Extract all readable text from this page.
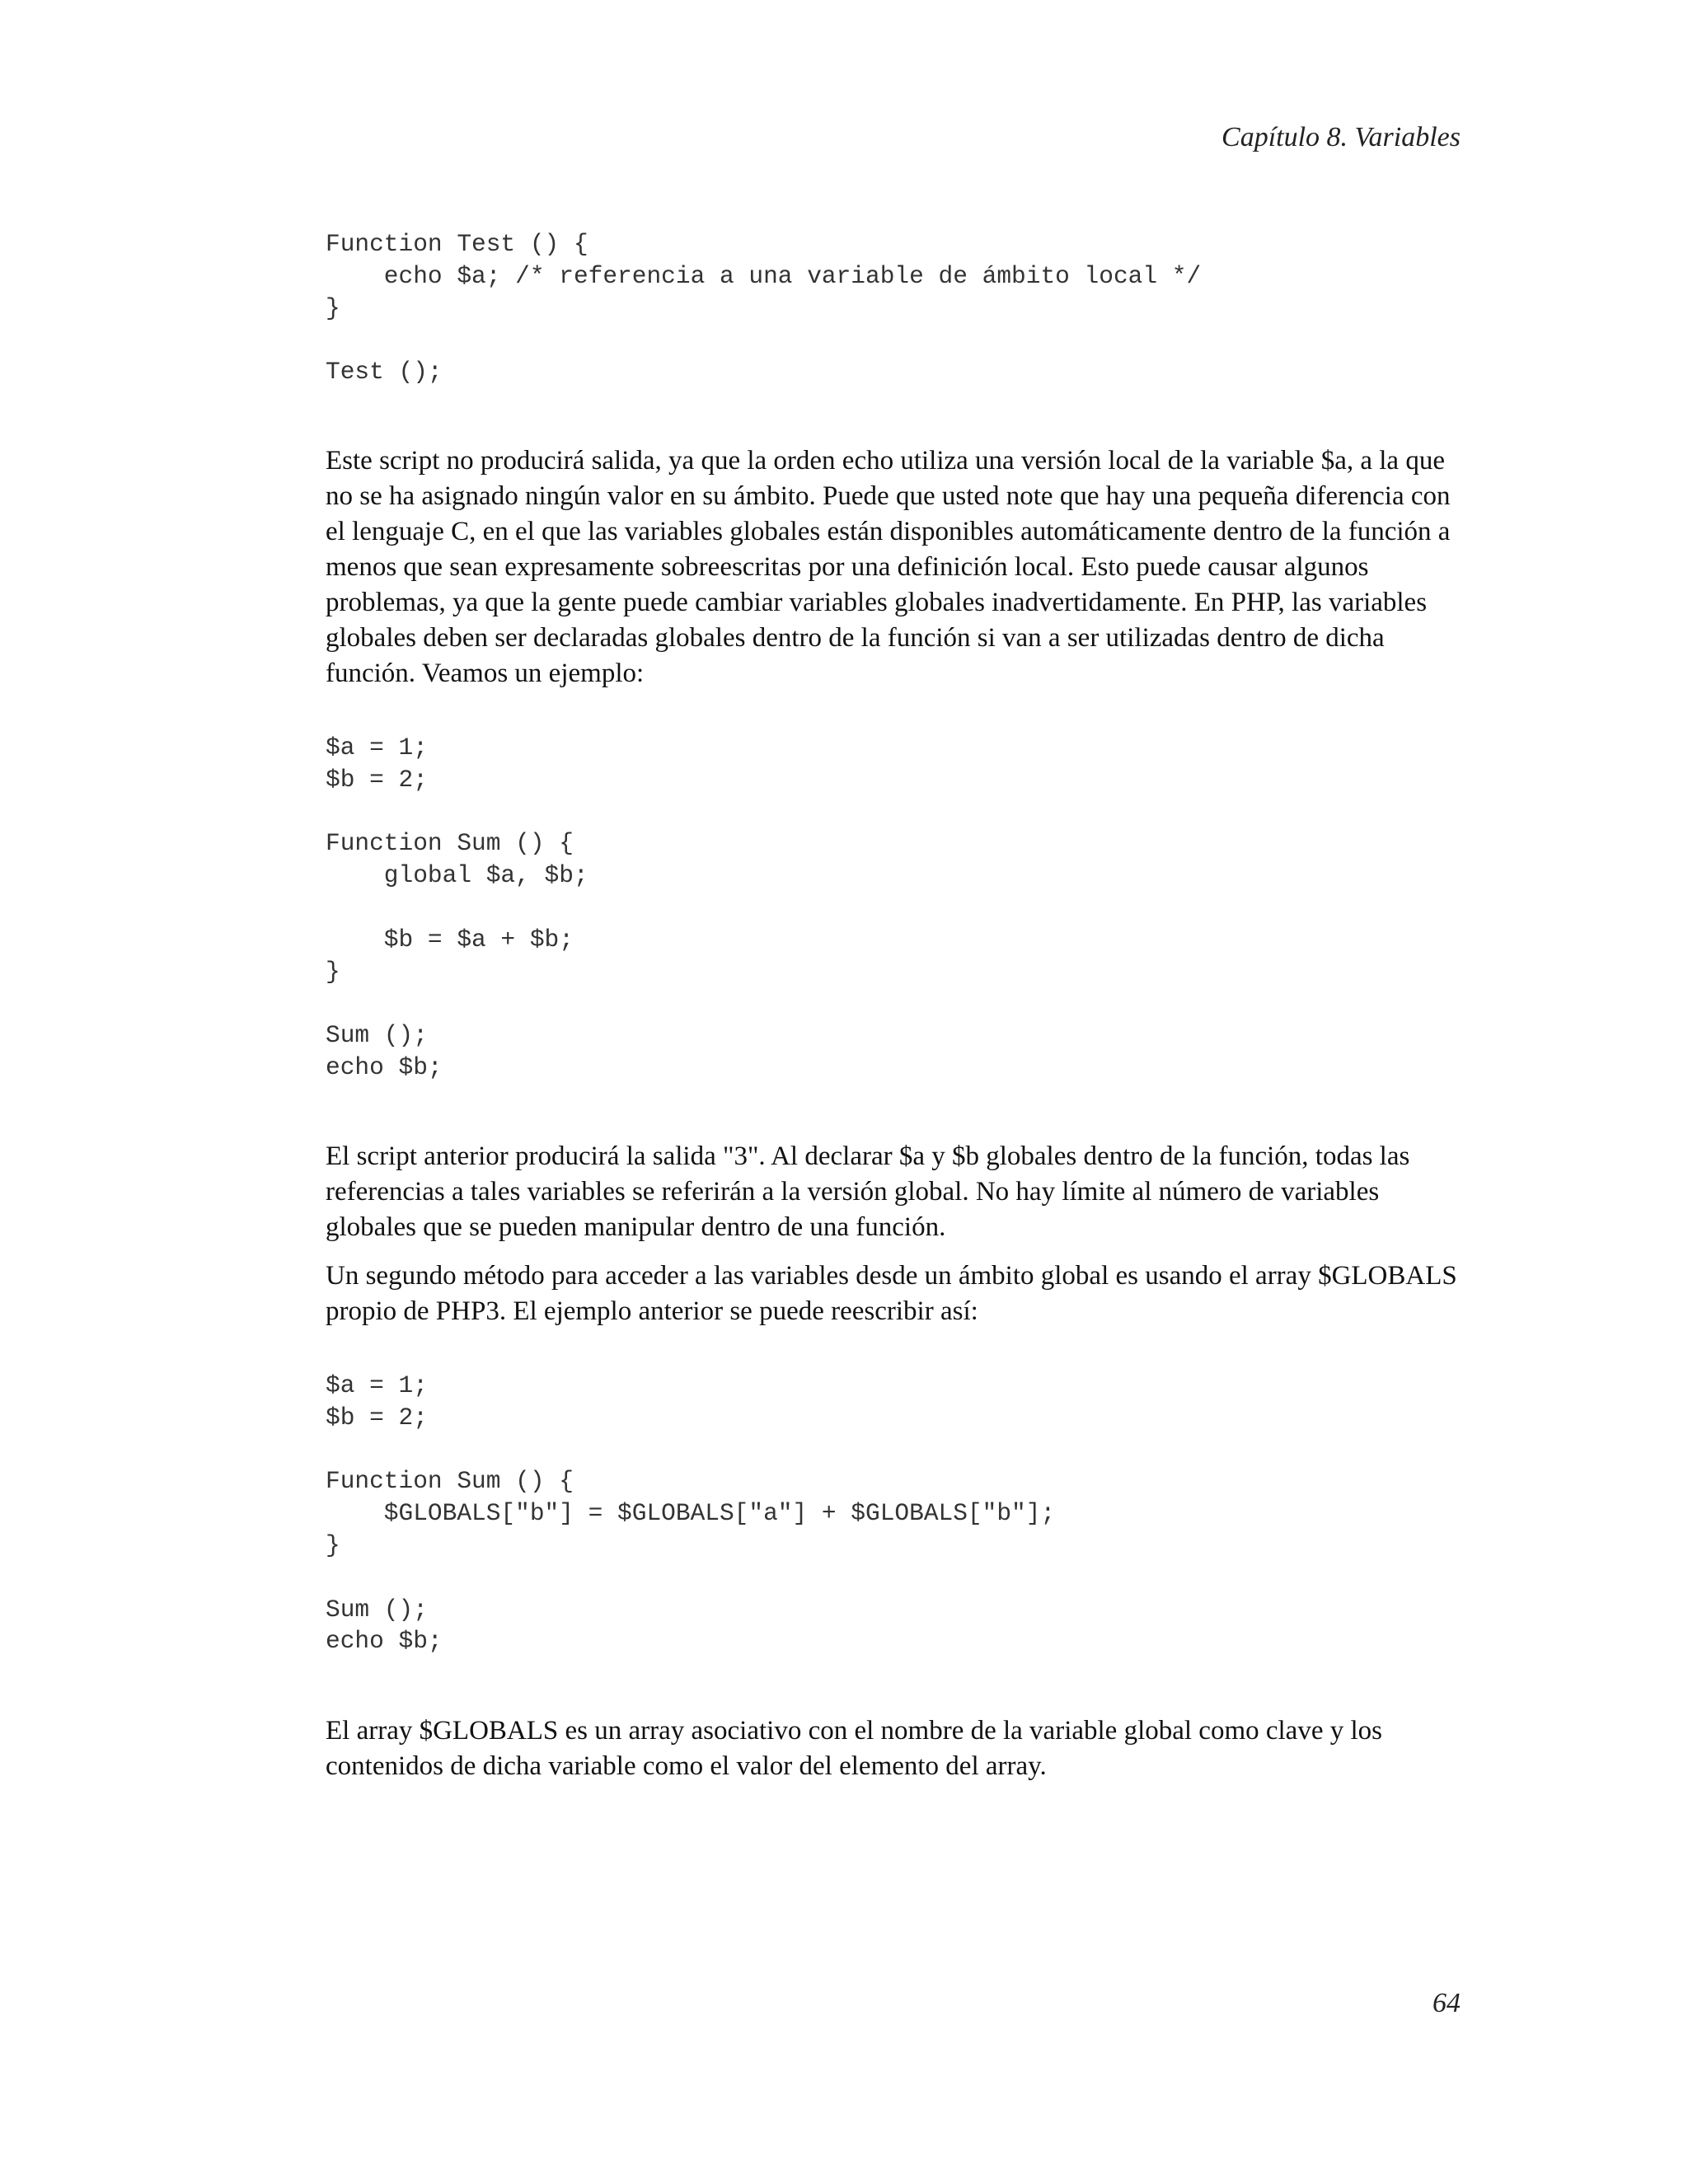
Capítulo 8. Variables
Function Test () {
echo $a; /* referencia a una variable de ámbito local */
}

Test ();

Este script no producirá salida, ya que la orden echo utiliza una versión local de la variable $a, a la que no se ha asignado ningún valor en su ámbito. Puede que usted note que hay una pequeña diferencia con el lenguaje C, en el que las variables globales están disponibles automáticamente dentro de la función a menos que sean expresamente sobreescritas por una definición local. Esto puede causar algunos problemas, ya que la gente puede cambiar variables globales inadvertidamente. En PHP, las variables globales deben ser declaradas globales dentro de la función si van a ser utilizadas dentro de dicha función. Veamos un ejemplo:

$a = 1;
$b = 2;

Function Sum () {
global $a, $b;

$b = $a + $b;
}

Sum ();
echo $b;

El script anterior producirá la salida "3". Al declarar $a y $b globales dentro de la función, todas las referencias a tales variables se referirán a la versión global. No hay límite al número de variables globales que se pueden manipular dentro de una función.

Un segundo método para acceder a las variables desde un ámbito global es usando el array $GLOBALS propio de PHP3. El ejemplo anterior se puede reescribir así:

$a = 1;
$b = 2;

Function Sum () {
$GLOBALS["b"] = $GLOBALS["a"] + $GLOBALS["b"];
}

Sum ();
echo $b;

El array $GLOBALS es un array asociativo con el nombre de la variable global como clave y los contenidos de dicha variable como el valor del elemento del array.

64
